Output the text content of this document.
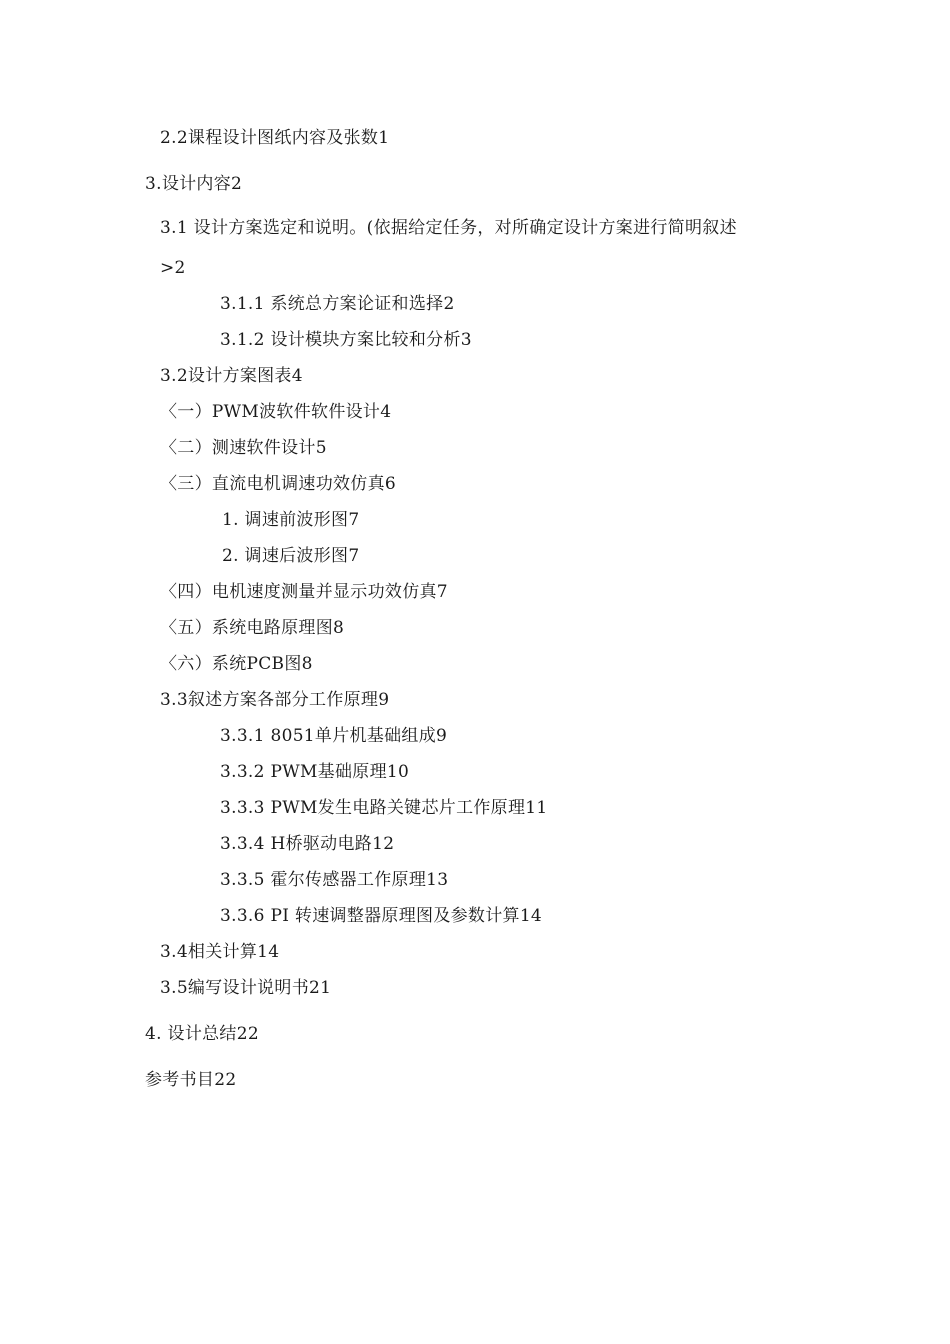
2.2课程设计图纸内容及张数1
3.设计内容2
3.1 设计方案选定和说明。(依据给定任务，对所确定设计方案进行简明叙述
>2
3.1.1 系统总方案论证和选择2
3.1.2 设计模块方案比较和分析3
3.2设计方案图表4
〈一）PWM波软件软件设计4
〈二）测速软件设计5
〈三）直流电机调速功效仿真6
1. 调速前波形图7
2. 调速后波形图7
〈四）电机速度测量并显示功效仿真7
〈五）系统电路原理图8
〈六）系统PCB图8
3.3叙述方案各部分工作原理9
3.3.1 8051单片机基础组成9
3.3.2 PWM基础原理10
3.3.3 PWM发生电路关键芯片工作原理11
3.3.4 H桥驱动电路12
3.3.5 霍尔传感器工作原理13
3.3.6 PI 转速调整器原理图及参数计算14
3.4相关计算14
3.5编写设计说明书21
4. 设计总结22
参考书目22
